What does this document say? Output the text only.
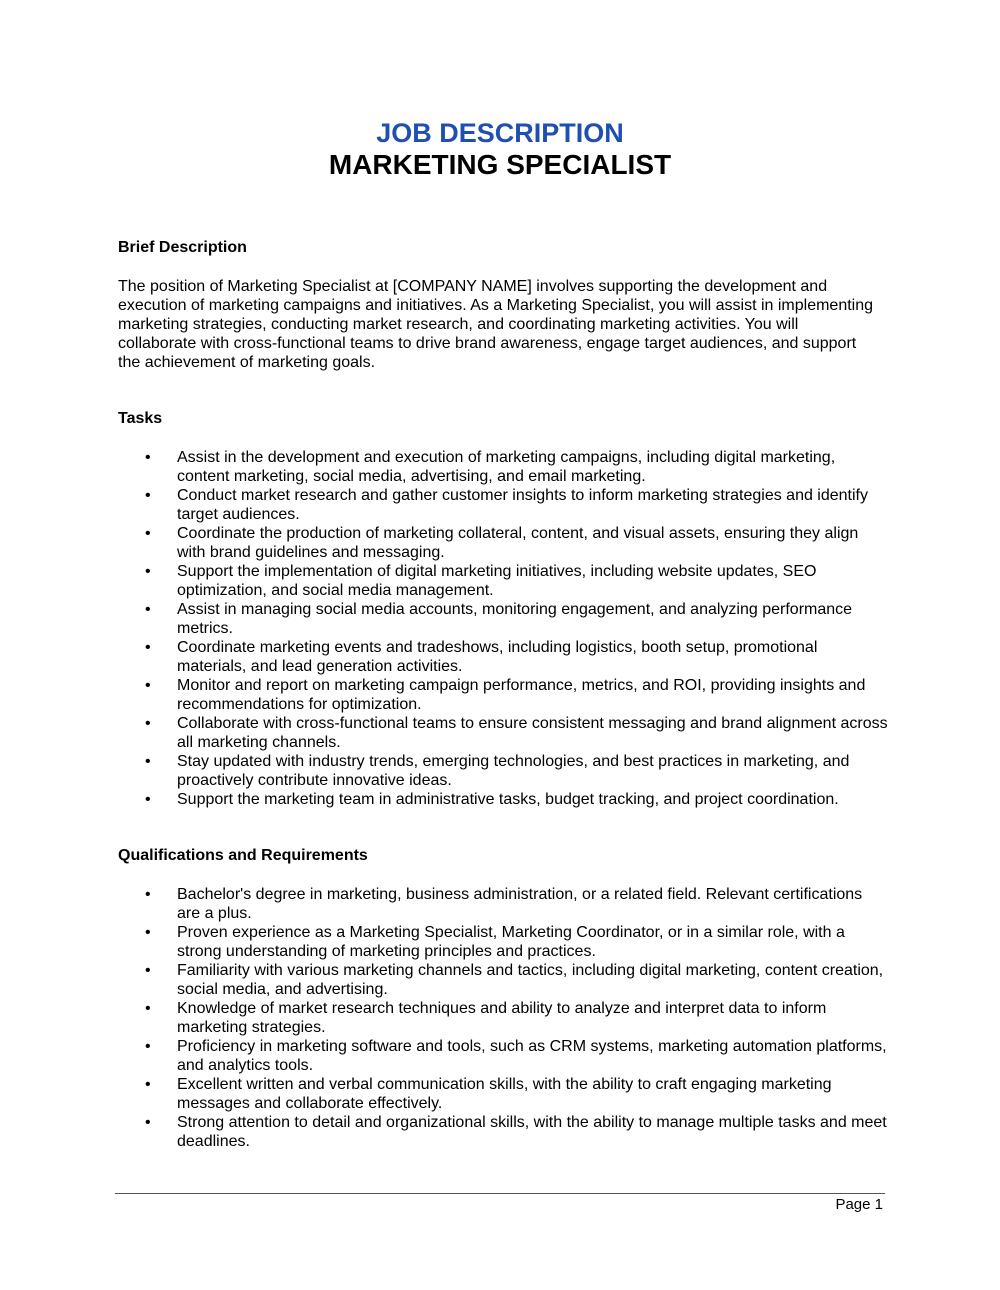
JOB DESCRIPTION
MARKETING SPECIALIST
Brief Description
The position of Marketing Specialist at [COMPANY NAME] involves supporting the development and execution of marketing campaigns and initiatives. As a Marketing Specialist, you will assist in implementing marketing strategies, conducting market research, and coordinating marketing activities. You will collaborate with cross-functional teams to drive brand awareness, engage target audiences, and support the achievement of marketing goals.
Tasks
• Assist in the development and execution of marketing campaigns, including digital marketing, content marketing, social media, advertising, and email marketing.
• Conduct market research and gather customer insights to inform marketing strategies and identify target audiences.
• Coordinate the production of marketing collateral, content, and visual assets, ensuring they align with brand guidelines and messaging.
• Support the implementation of digital marketing initiatives, including website updates, SEO optimization, and social media management.
• Assist in managing social media accounts, monitoring engagement, and analyzing performance metrics.
• Coordinate marketing events and tradeshows, including logistics, booth setup, promotional materials, and lead generation activities.
• Monitor and report on marketing campaign performance, metrics, and ROI, providing insights and recommendations for optimization.
• Collaborate with cross-functional teams to ensure consistent messaging and brand alignment across all marketing channels.
• Stay updated with industry trends, emerging technologies, and best practices in marketing, and proactively contribute innovative ideas.
• Support the marketing team in administrative tasks, budget tracking, and project coordination.
Qualifications and Requirements
• Bachelor's degree in marketing, business administration, or a related field. Relevant certifications are a plus.
• Proven experience as a Marketing Specialist, Marketing Coordinator, or in a similar role, with a strong understanding of marketing principles and practices.
• Familiarity with various marketing channels and tactics, including digital marketing, content creation, social media, and advertising.
• Knowledge of market research techniques and ability to analyze and interpret data to inform marketing strategies.
• Proficiency in marketing software and tools, such as CRM systems, marketing automation platforms, and analytics tools.
• Excellent written and verbal communication skills, with the ability to craft engaging marketing messages and collaborate effectively.
• Strong attention to detail and organizational skills, with the ability to manage multiple tasks and meet deadlines.
Page 1
